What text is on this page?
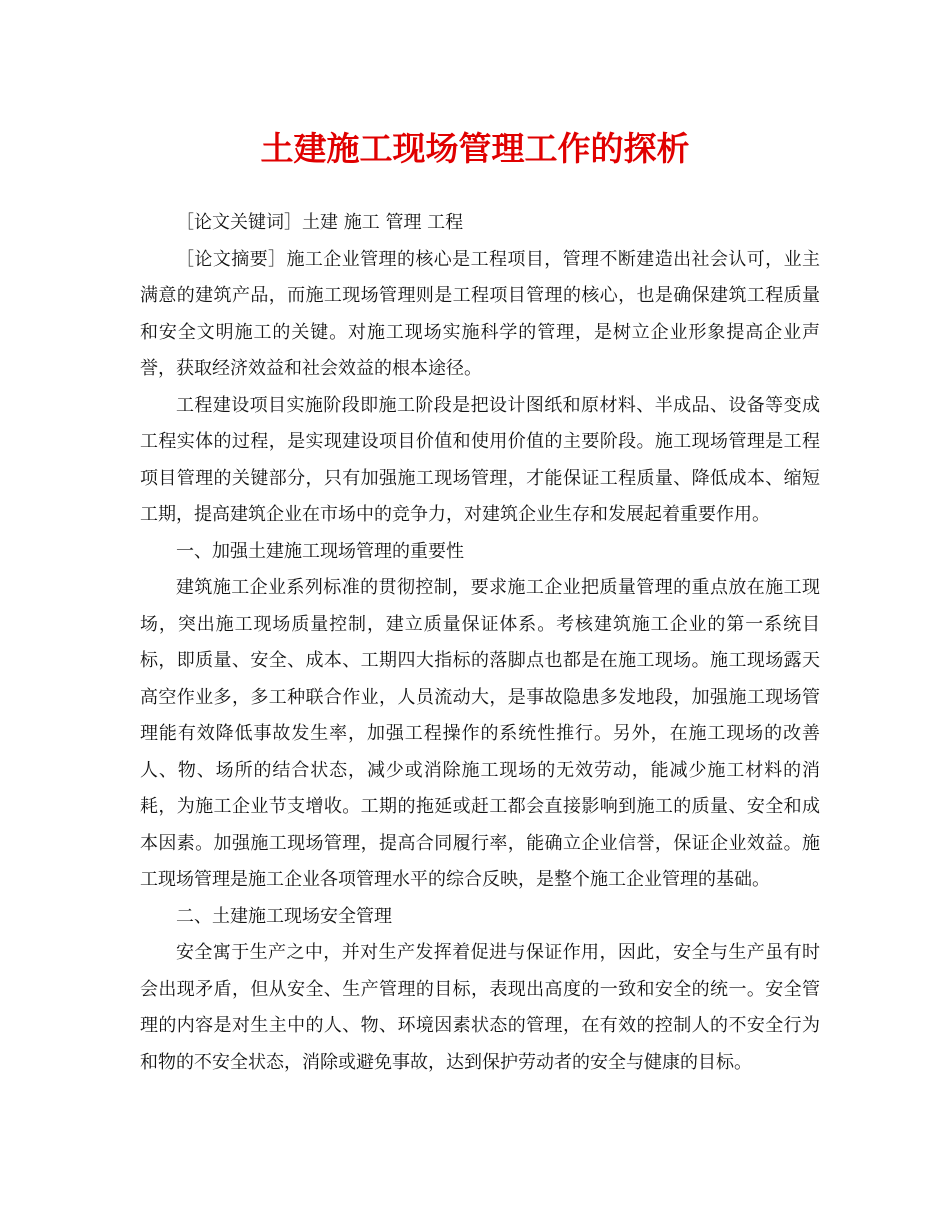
土建施工现场管理工作的探析

［论文关键词］土建 施工 管理 工程

［论文摘要］施工企业管理的核心是工程项目，管理不断建造出社会认可，业主满意的建筑产品，而施工现场管理则是工程项目管理的核心，也是确保建筑工程质量和安全文明施工的关键。对施工现场实施科学的管理，是树立企业形象提高企业声誉，获取经济效益和社会效益的根本途径。

工程建设项目实施阶段即施工阶段是把设计图纸和原材料、半成品、设备等变成工程实体的过程，是实现建设项目价值和使用价值的主要阶段。施工现场管理是工程项目管理的关键部分，只有加强施工现场管理，才能保证工程质量、降低成本、缩短工期，提高建筑企业在市场中的竞争力，对建筑企业生存和发展起着重要作用。

一、加强土建施工现场管理的重要性

建筑施工企业系列标准的贯彻控制，要求施工企业把质量管理的重点放在施工现场，突出施工现场质量控制，建立质量保证体系。考核建筑施工企业的第一系统目标，即质量、安全、成本、工期四大指标的落脚点也都是在施工现场。施工现场露天高空作业多，多工种联合作业，人员流动大，是事故隐患多发地段，加强施工现场管理能有效降低事故发生率，加强工程操作的系统性推行。另外，在施工现场的改善人、物、场所的结合状态，减少或消除施工现场的无效劳动，能减少施工材料的消耗，为施工企业节支增收。工期的拖延或赶工都会直接影响到施工的质量、安全和成本因素。加强施工现场管理，提高合同履行率，能确立企业信誉，保证企业效益。施工现场管理是施工企业各项管理水平的综合反映，是整个施工企业管理的基础。

二、土建施工现场安全管理

安全寓于生产之中，并对生产发挥着促进与保证作用，因此，安全与生产虽有时会出现矛盾，但从安全、生产管理的目标，表现出高度的一致和安全的统一。安全管理的内容是对生主中的人、物、环境因素状态的管理，在有效的控制人的不安全行为和物的不安全状态，消除或避免事故，达到保护劳动者的安全与健康的目标。
